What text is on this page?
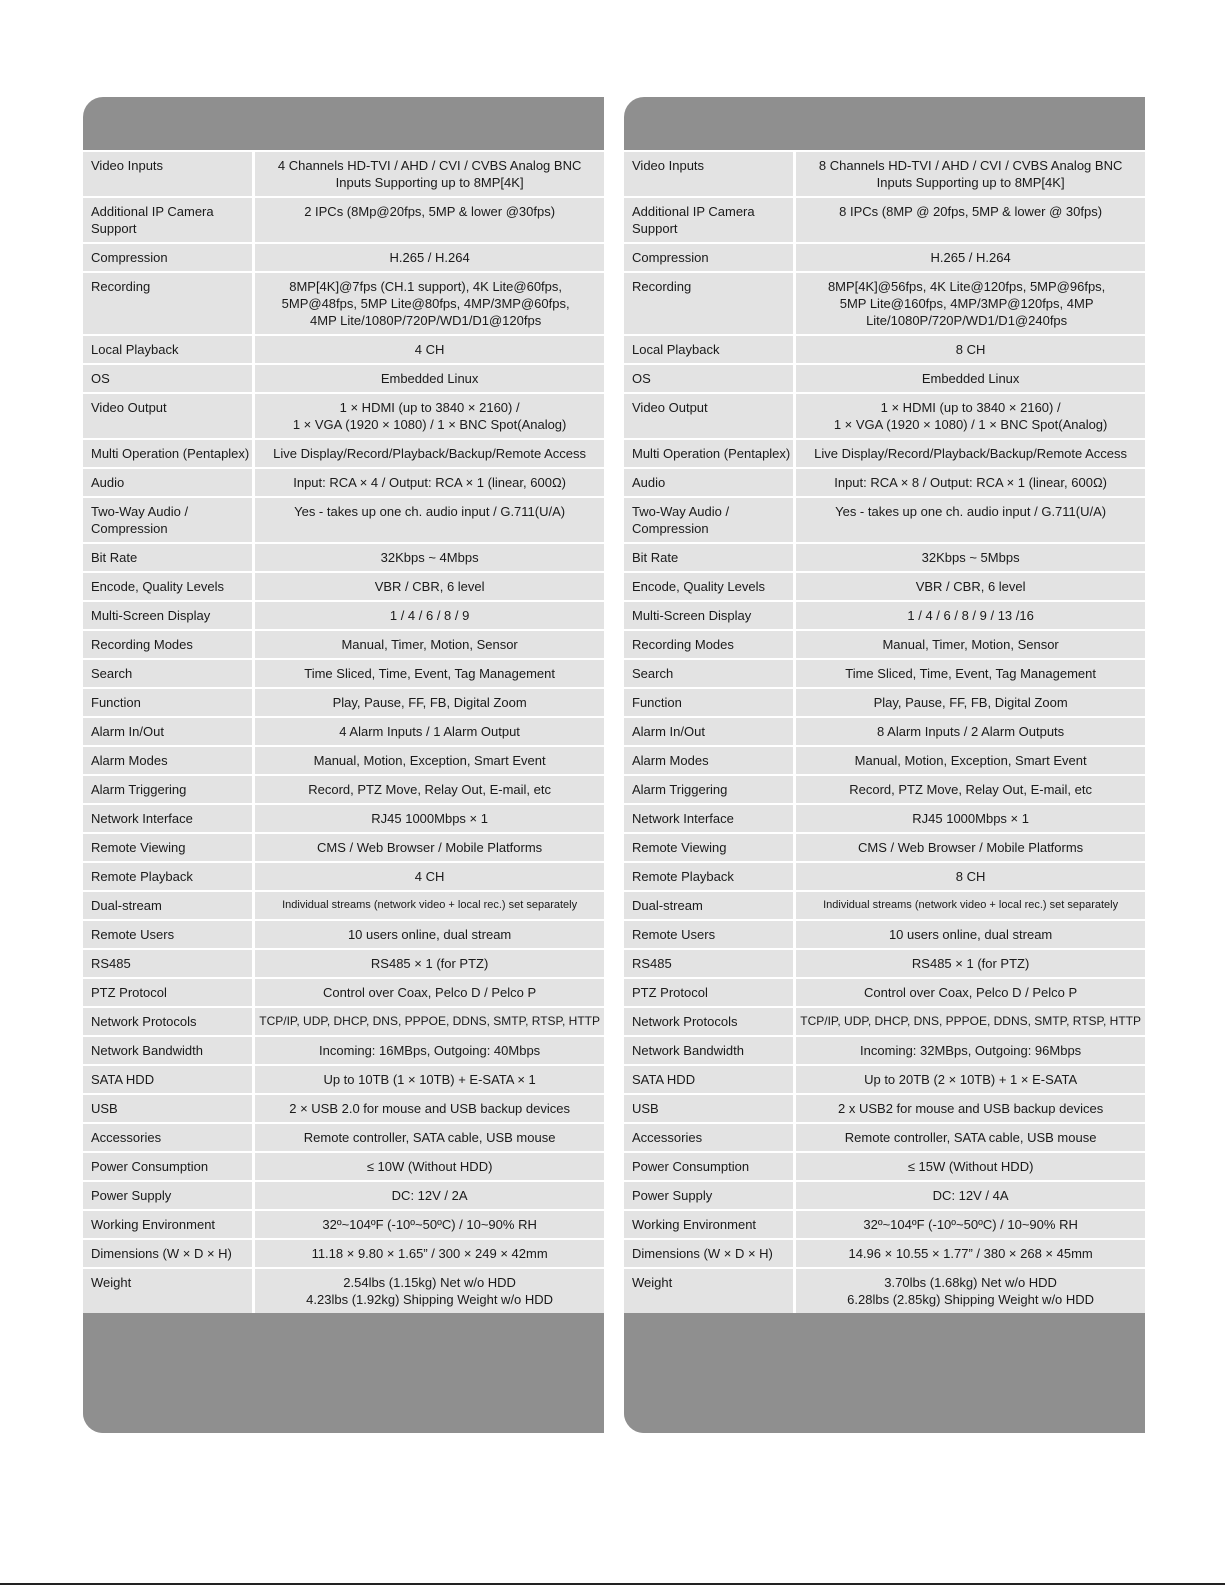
Video Inputs	4 Channels HD-TVI / AHD / CVI / CVBS Analog BNC
Inputs Supporting up to 8MP[4K]

Additional IP Camera Support	2 IPCs (8Mp@20fps, 5MP & lower @30fps)

Compression	H.265 / H.264

Recording	8MP[4K]@7fps (CH.1 support), 4K Lite@60fps,
5MP@48fps, 5MP Lite@80fps, 4MP/3MP@60fps,
4MP Lite/1080P/720P/WD1/D1@120fps

Local Playback	4 CH

OS	Embedded Linux

Video Output	1 × HDMI (up to 3840 × 2160) /
1 × VGA (1920 × 1080) / 1 × BNC Spot(Analog)

Multi Operation (Pentaplex)	Live Display/Record/Playback/Backup/Remote Access

Audio	Input: RCA × 4 / Output: RCA × 1 (linear, 600Ω)

Two-Way Audio / Compression	Yes - takes up one ch. audio input / G.711(U/A)

Bit Rate	32Kbps ~ 4Mbps

Encode, Quality Levels	VBR / CBR, 6 level

Multi-Screen Display	1 / 4 / 6 / 8 / 9

Recording Modes	Manual, Timer, Motion, Sensor

Search	Time Sliced, Time, Event, Tag Management

Function	Play, Pause, FF, FB, Digital Zoom

Alarm In/Out	4 Alarm Inputs / 1 Alarm Output

Alarm Modes	Manual, Motion, Exception, Smart Event

Alarm Triggering	Record, PTZ Move, Relay Out, E-mail, etc

Network Interface	RJ45 1000Mbps × 1

Remote Viewing	CMS / Web Browser / Mobile Platforms

Remote Playback	4 CH

Dual-stream	Individual streams (network video + local rec.) set separately

Remote Users	10 users online, dual stream

RS485	RS485 × 1 (for PTZ)

PTZ Protocol	Control over Coax, Pelco D / Pelco P

Network Protocols	TCP/IP, UDP, DHCP, DNS, PPPOE, DDNS, SMTP, RTSP, HTTP

Network Bandwidth	Incoming: 16MBps, Outgoing: 40Mbps

SATA HDD	Up to 10TB (1 × 10TB) + E-SATA × 1

USB	2 × USB 2.0 for mouse and USB backup devices

Accessories	Remote controller, SATA cable, USB mouse

Power Consumption	≤ 10W (Without HDD)

Power Supply	DC: 12V / 2A

Working Environment	32º~104ºF (-10º~50ºC) / 10~90% RH

Dimensions (W × D × H)	11.18 × 9.80 × 1.65” / 300 × 249 × 42mm

Weight	2.54lbs (1.15kg) Net w/o HDD
4.23lbs (1.92kg) Shipping Weight w/o HDD
Video Inputs	8 Channels HD-TVI / AHD / CVI / CVBS Analog BNC
Inputs Supporting up to 8MP[4K]

Additional IP Camera Support	8 IPCs (8MP @ 20fps, 5MP & lower @ 30fps)

Compression	H.265 / H.264

Recording	8MP[4K]@56fps, 4K Lite@120fps, 5MP@96fps,
5MP Lite@160fps, 4MP/3MP@120fps, 4MP
Lite/1080P/720P/WD1/D1@240fps

Local Playback	8 CH

OS	Embedded Linux

Video Output	1 × HDMI (up to 3840 × 2160) /
1 × VGA (1920 × 1080) / 1 × BNC Spot(Analog)

Multi Operation (Pentaplex)	Live Display/Record/Playback/Backup/Remote Access

Audio	Input: RCA × 8 / Output: RCA × 1 (linear, 600Ω)

Two-Way Audio / Compression	Yes - takes up one ch. audio input / G.711(U/A)

Bit Rate	32Kbps ~ 5Mbps

Encode, Quality Levels	VBR / CBR, 6 level

Multi-Screen Display	1 / 4 / 6 / 8 / 9 / 13 /16

Recording Modes	Manual, Timer, Motion, Sensor

Search	Time Sliced, Time, Event, Tag Management

Function	Play, Pause, FF, FB, Digital Zoom

Alarm In/Out	8 Alarm Inputs / 2 Alarm Outputs

Alarm Modes	Manual, Motion, Exception, Smart Event

Alarm Triggering	Record, PTZ Move, Relay Out, E-mail, etc

Network Interface	RJ45 1000Mbps × 1

Remote Viewing	CMS / Web Browser / Mobile Platforms

Remote Playback	8 CH

Dual-stream	Individual streams (network video + local rec.) set separately

Remote Users	10 users online, dual stream

RS485	RS485 × 1 (for PTZ)

PTZ Protocol	Control over Coax, Pelco D / Pelco P

Network Protocols	TCP/IP, UDP, DHCP, DNS, PPPOE, DDNS, SMTP, RTSP, HTTP

Network Bandwidth	Incoming: 32MBps, Outgoing: 96Mbps

SATA HDD	Up to 20TB (2 × 10TB) + 1 × E-SATA

USB	2 x USB2 for mouse and USB backup devices

Accessories	Remote controller, SATA cable, USB mouse

Power Consumption	≤ 15W (Without HDD)

Power Supply	DC: 12V / 4A

Working Environment	32º~104ºF (-10º~50ºC) / 10~90% RH

Dimensions (W × D × H)	14.96 × 10.55 × 1.77” / 380 × 268 × 45mm

Weight	3.70lbs (1.68kg) Net w/o HDD
6.28lbs (2.85kg) Shipping Weight w/o HDD
